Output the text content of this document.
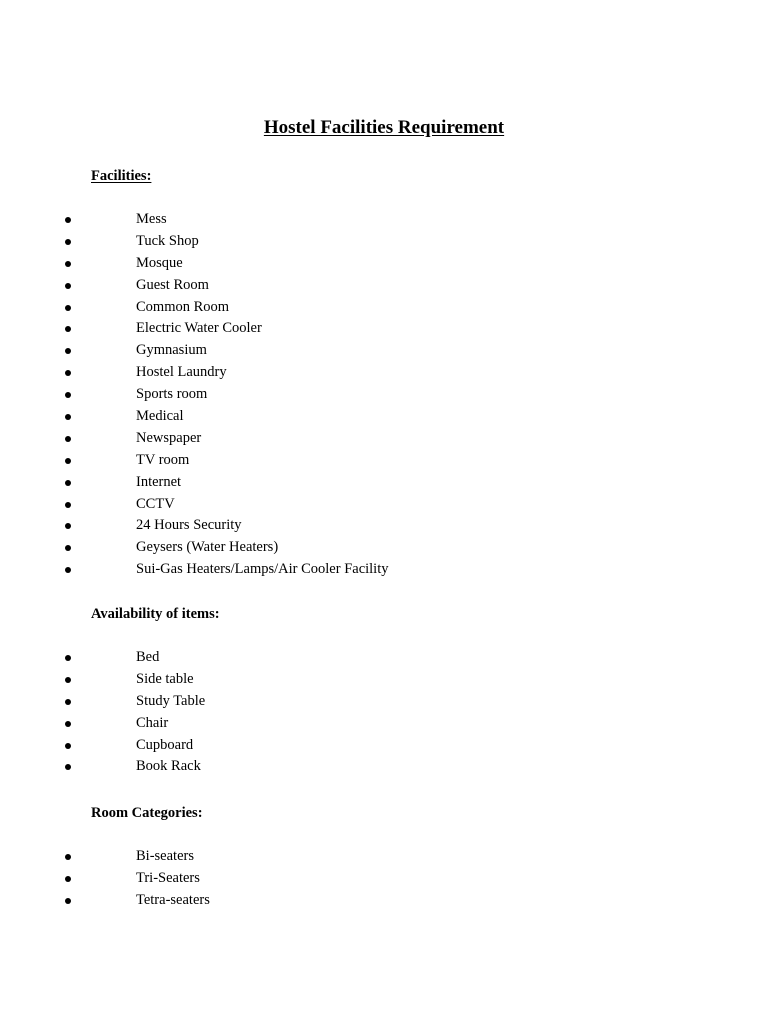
Hostel Facilities Requirement
Facilities:
Mess
Tuck Shop
Mosque
Guest Room
Common Room
Electric Water Cooler
Gymnasium
Hostel Laundry
Sports room
Medical
Newspaper
TV room
Internet
CCTV
24 Hours Security
Geysers (Water Heaters)
Sui-Gas Heaters/Lamps/Air Cooler Facility
Availability of items:
Bed
Side table
Study Table
Chair
Cupboard
Book Rack
Room Categories:
Bi-seaters
Tri-Seaters
Tetra-seaters
